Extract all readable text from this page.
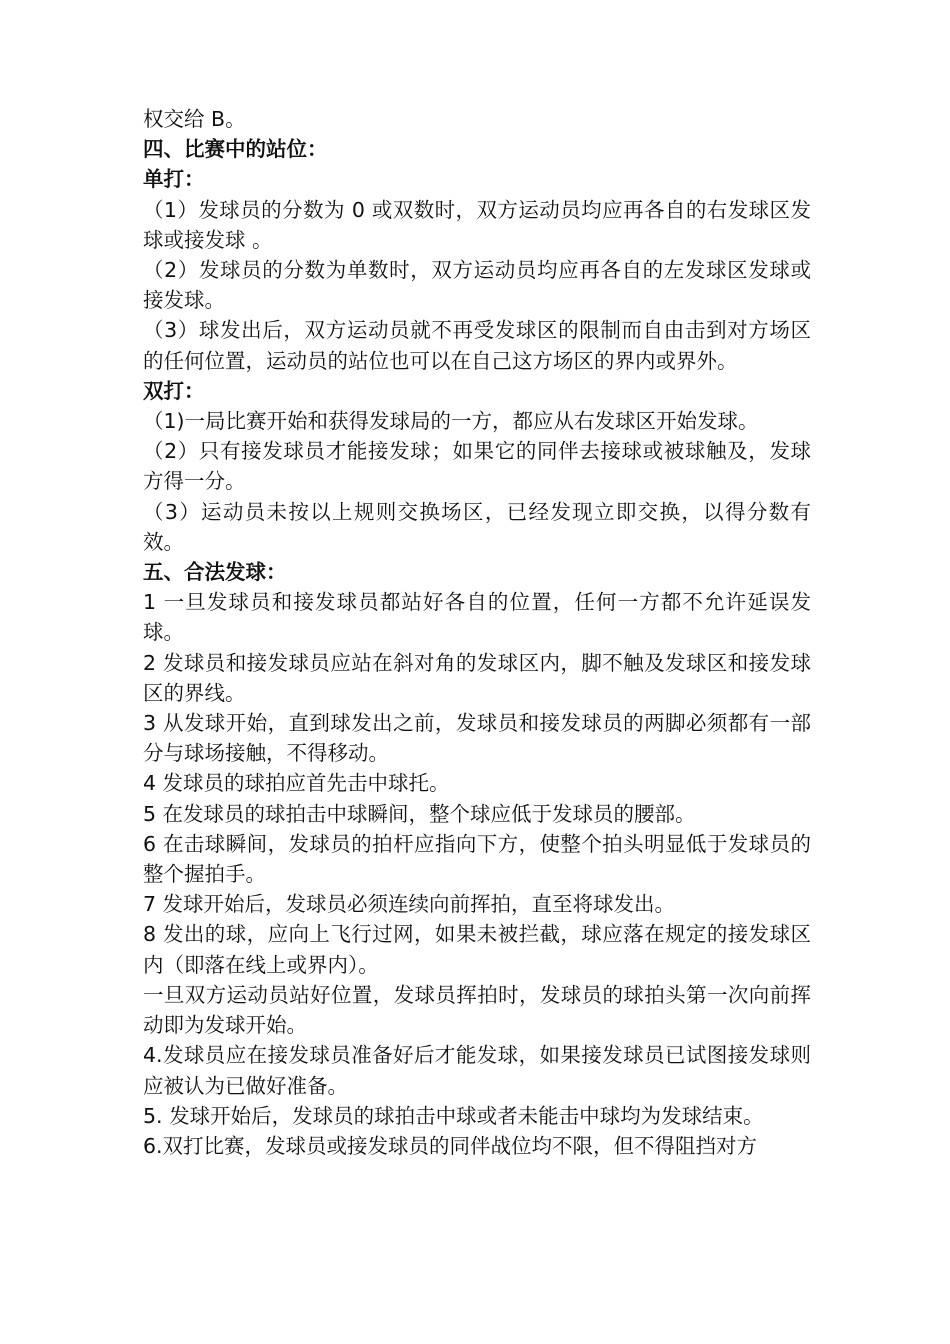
权交给 B。

四、比赛中的站位：

单打：

（1）发球员的分数为 0 或双数时，双方运动员均应再各自的右发球区发球或接发球 。

（2）发球员的分数为单数时，双方运动员均应再各自的左发球区发球或接发球。

（3）球发出后，双方运动员就不再受发球区的限制而自由击到对方场区的任何位置，运动员的站位也可以在自己这方场区的界内或界外。

双打：

（1)一局比赛开始和获得发球局的一方，都应从右发球区开始发球。

（2）只有接发球员才能接发球；如果它的同伴去接球或被球触及，发球方得一分。

（3）运动员未按以上规则交换场区，已经发现立即交换，以得分数有效。

五、合法发球：

1 一旦发球员和接发球员都站好各自的位置，任何一方都不允许延误发球。

2 发球员和接发球员应站在斜对角的发球区内，脚不触及发球区和接发球区的界线。

3 从发球开始，直到球发出之前，发球员和接发球员的两脚必须都有一部分与球场接触，不得移动。

4 发球员的球拍应首先击中球托。

5 在发球员的球拍击中球瞬间，整个球应低于发球员的腰部。

6 在击球瞬间，发球员的拍杆应指向下方，使整个拍头明显低于发球员的整个握拍手。

7 发球开始后，发球员必须连续向前挥拍，直至将球发出。

8 发出的球，应向上飞行过网，如果未被拦截，球应落在规定的接发球区内（即落在线上或界内）。

一旦双方运动员站好位置，发球员挥拍时，发球员的球拍头第一次向前挥动即为发球开始。

4.发球员应在接发球员准备好后才能发球，如果接发球员已试图接发球则应被认为已做好准备。

5. 发球开始后，发球员的球拍击中球或者未能击中球均为发球结束。

6.双打比赛，发球员或接发球员的同伴战位均不限，但不得阻挡对方
